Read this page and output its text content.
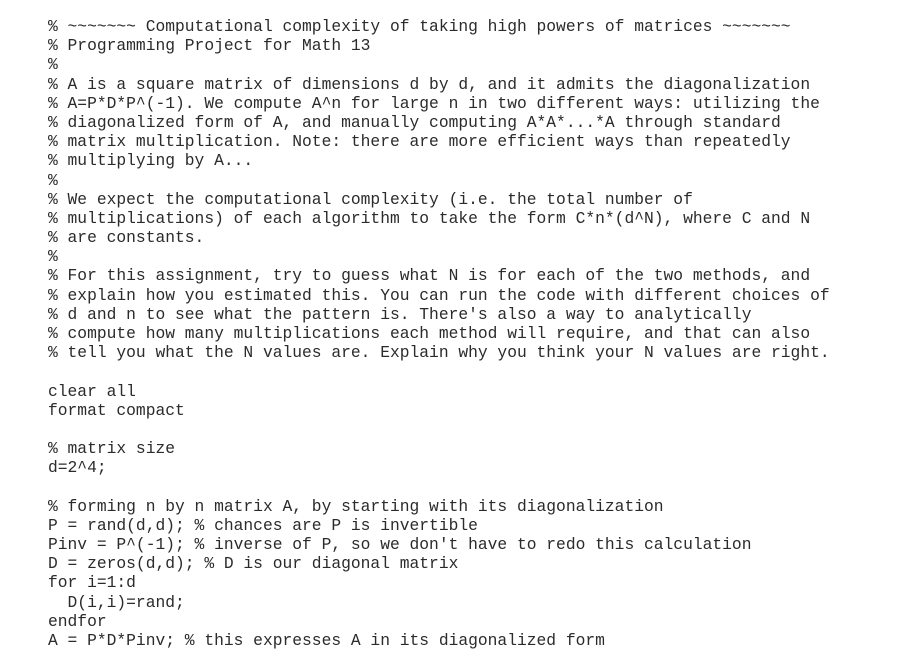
% ~~~~~~~ Computational complexity of taking high powers of matrices ~~~~~~~
% Programming Project for Math 13
%
% A is a square matrix of dimensions d by d, and it admits the diagonalization
% A=P*D*P^(-1). We compute A^n for large n in two different ways: utilizing the
% diagonalized form of A, and manually computing A*A*...*A through standard
% matrix multiplication. Note: there are more efficient ways than repeatedly
% multiplying by A...
%
% We expect the computational complexity (i.e. the total number of
% multiplications) of each algorithm to take the form C*n*(d^N), where C and N
% are constants.
%
% For this assignment, try to guess what N is for each of the two methods, and
% explain how you estimated this. You can run the code with different choices of
% d and n to see what the pattern is. There's also a way to analytically
% compute how many multiplications each method will require, and that can also
% tell you what the N values are. Explain why you think your N values are right.
clear all
format compact
% matrix size
d=2^4;
% forming n by n matrix A, by starting with its diagonalization
P = rand(d,d); % chances are P is invertible
Pinv = P^(-1); % inverse of P, so we don't have to redo this calculation
D = zeros(d,d); % D is our diagonal matrix
for i=1:d
D(i,i)=rand;
endfor
A = P*D*Pinv; % this expresses A in its diagonalized form
